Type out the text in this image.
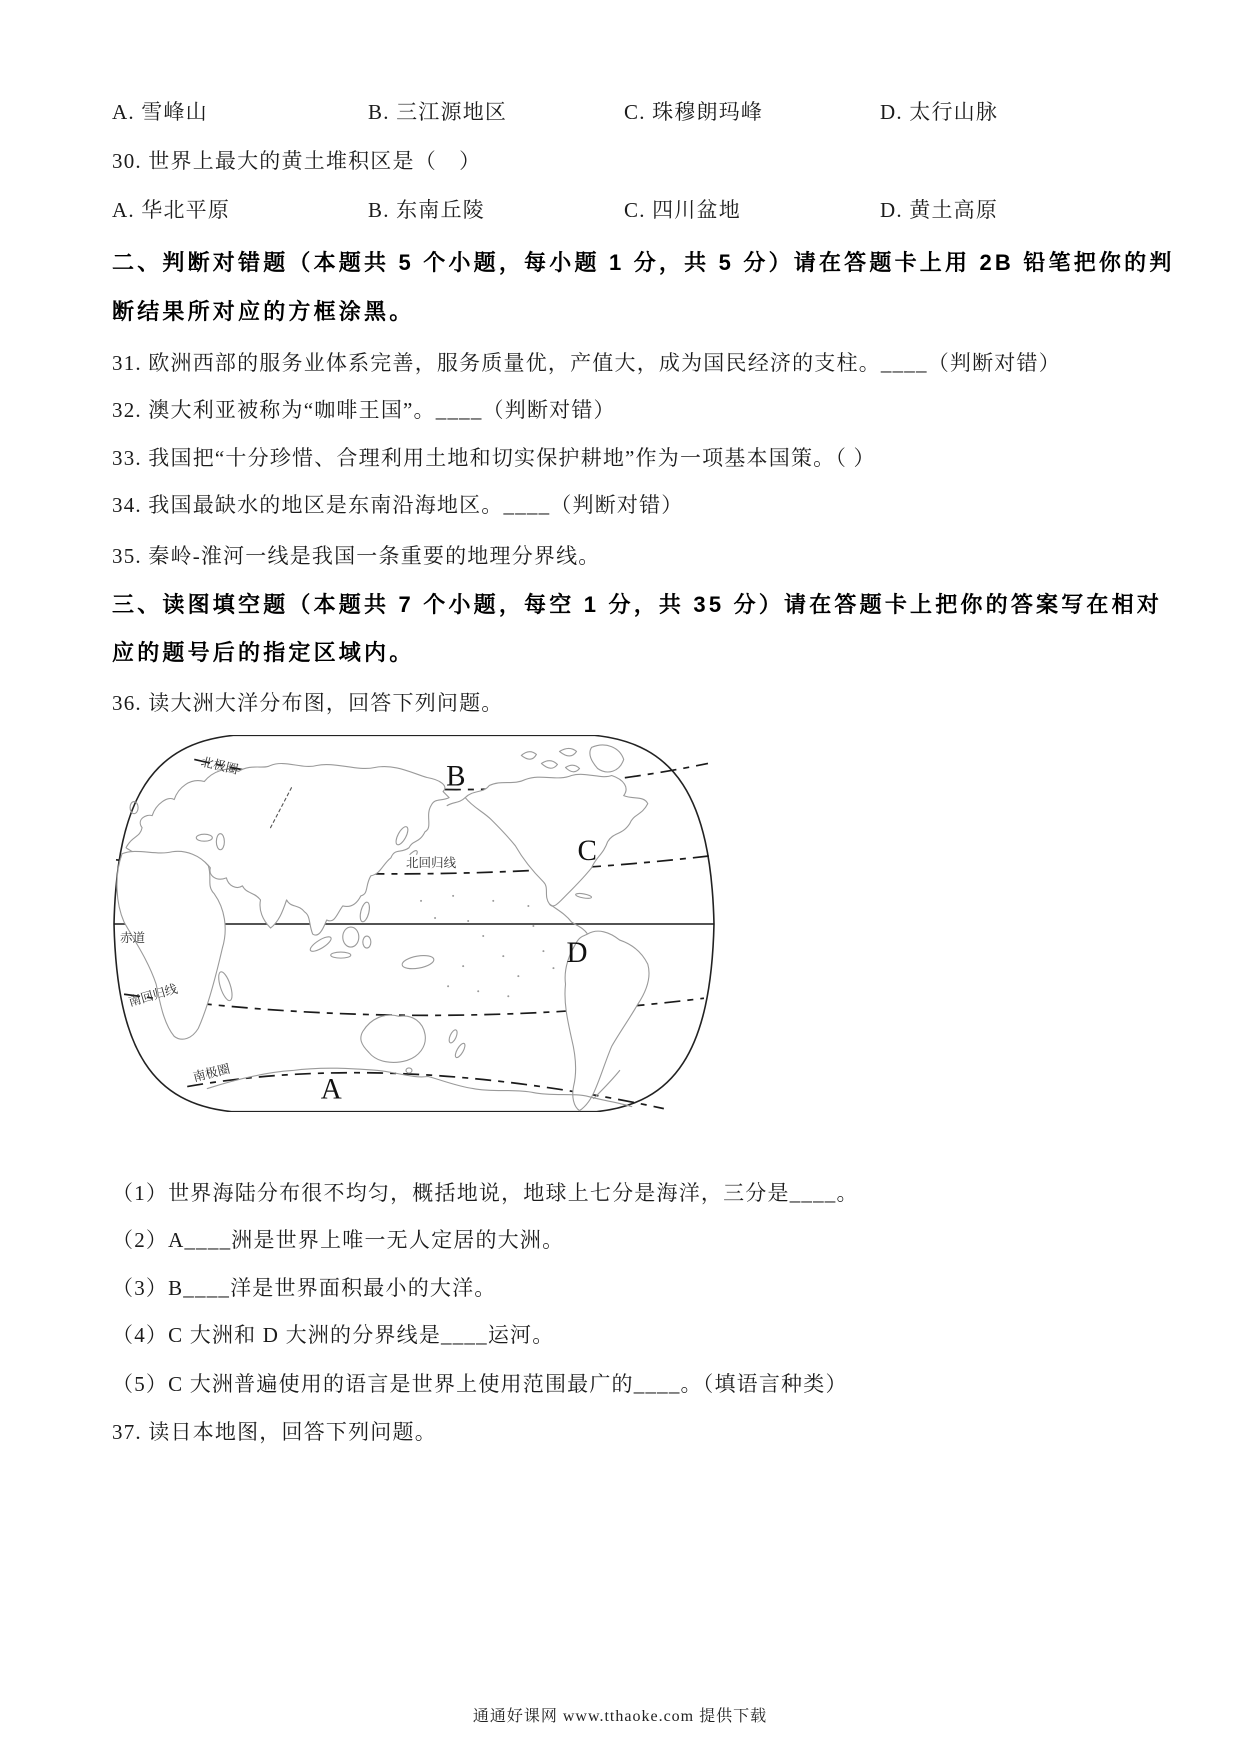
A. 雪峰山	B. 三江源地区	C. 珠穆朗玛峰	D. 太行山脉
30. 世界上最大的黄土堆积区是（　）
A. 华北平原	B. 东南丘陵	C. 四川盆地	D. 黄土高原
二、判断对错题（本题共 5 个小题，每小题 1 分，共 5 分）请在答题卡上用 2B 铅笔把你的判
断结果所对应的方框涂黑。
31. 欧洲西部的服务业体系完善，服务质量优，产值大，成为国民经济的支柱。____（判断对错）
32. 澳大利亚被称为“咖啡王国”。____（判断对错）
33. 我国把“十分珍惜、合理利用土地和切实保护耕地”作为一项基本国策。（ ）
34. 我国最缺水的地区是东南沿海地区。____（判断对错）
35. 秦岭-淮河一线是我国一条重要的地理分界线。
三、读图填空题（本题共 7 个小题，每空 1 分，共 35 分）请在答题卡上把你的答案写在相对
应的题号后的指定区域内。
36. 读大洲大洋分布图，回答下列问题。
北极圈
北回归线
赤道
南回归线
南极圈
B
C
D
A
（1）世界海陆分布很不均匀，概括地说，地球上七分是海洋，三分是____。
（2）A____洲是世界上唯一无人定居的大洲。
（3）B____洋是世界面积最小的大洋。
（4）C 大洲和 D 大洲的分界线是____运河。
（5）C 大洲普遍使用的语言是世界上使用范围最广的____。（填语言种类）
37. 读日本地图，回答下列问题。
通通好课网 www.tthaoke.com 提供下载
